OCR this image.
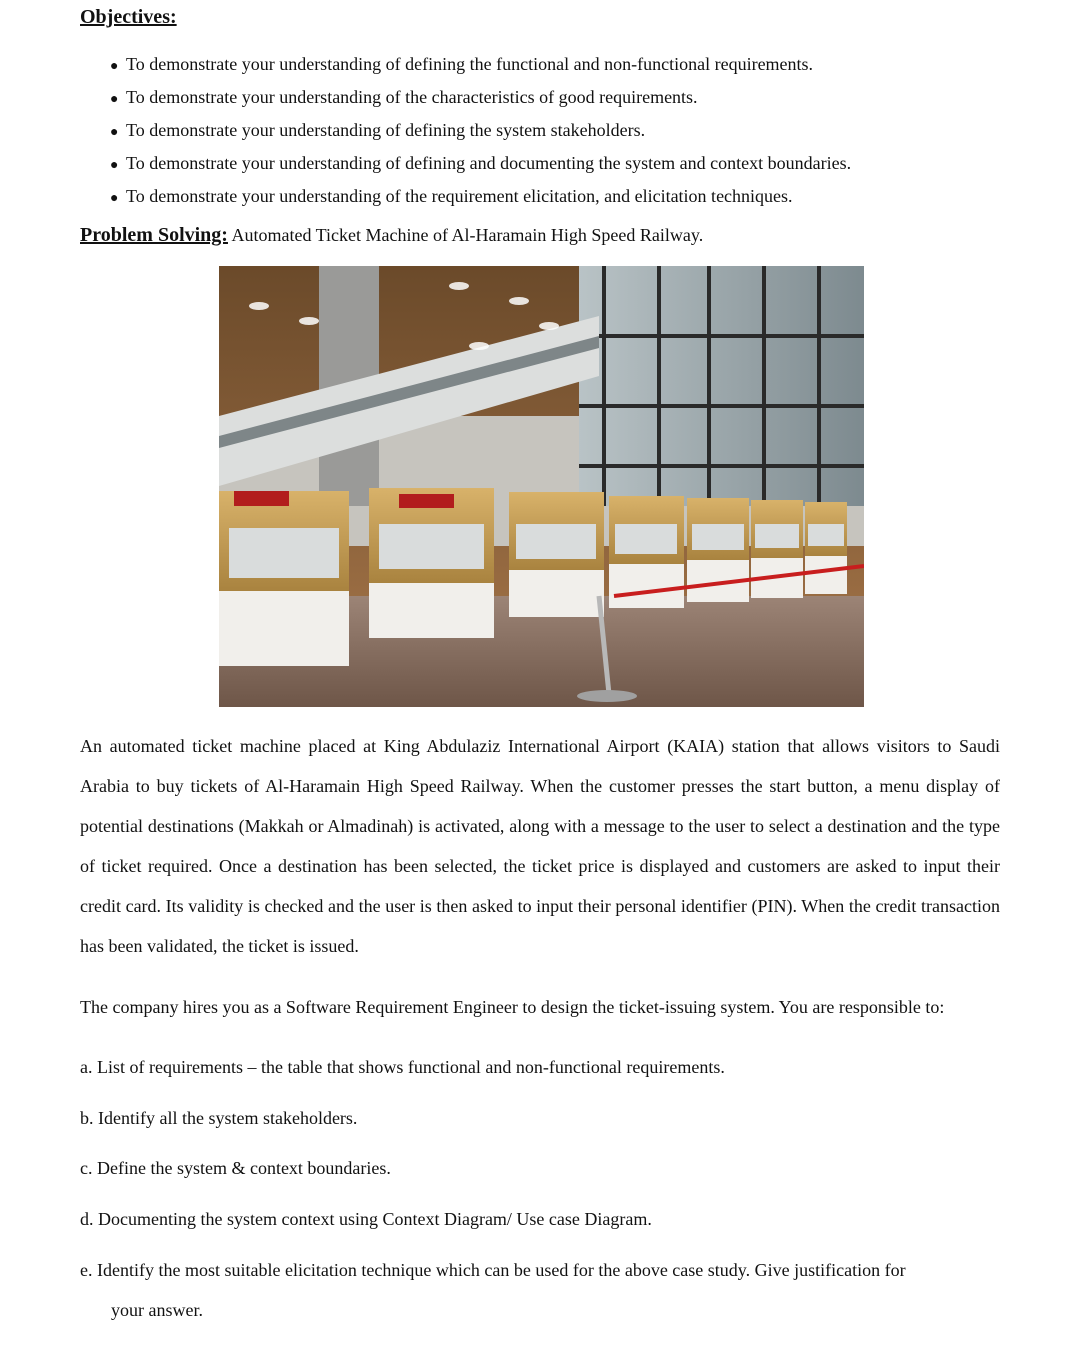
Objectives:
● To demonstrate your understanding of defining the functional and non-functional requirements.
● To demonstrate your understanding of the characteristics of good requirements.
● To demonstrate your understanding of defining the system stakeholders.
● To demonstrate your understanding of defining and documenting the system and context boundaries.
● To demonstrate your understanding of the requirement elicitation, and elicitation techniques.
Problem Solving: Automated Ticket Machine of Al-Haramain High Speed Railway.

An automated ticket machine placed at King Abdulaziz International Airport (KAIA) station that allows visitors to Saudi Arabia to buy tickets of Al-Haramain High Speed Railway. When the customer presses the start button, a menu display of potential destinations (Makkah or Almadinah) is activated, along with a message to the user to select a destination and the type of ticket required. Once a destination has been selected, the ticket price is displayed and customers are asked to input their credit card. Its validity is checked and the user is then asked to input their personal identifier (PIN). When the credit transaction has been validated, the ticket is issued.

The company hires you as a Software Requirement Engineer to design the ticket-issuing system. You are responsible to:

a. List of requirements – the table that shows functional and non-functional requirements.

b. Identify all the system stakeholders.

c. Define the system & context boundaries.

d. Documenting the system context using Context Diagram/ Use case Diagram.

e. Identify the most suitable elicitation technique which can be used for the above case study. Give justification for
your answer.
